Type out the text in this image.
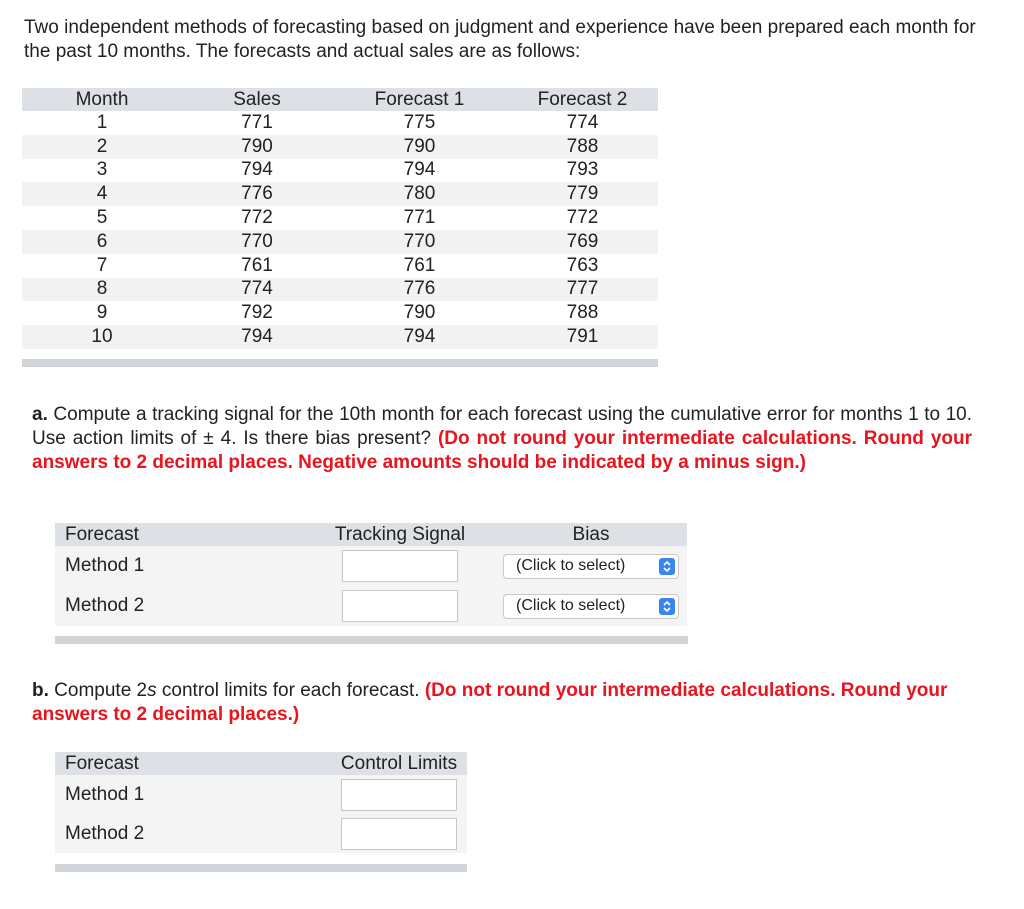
Two independent methods of forecasting based on judgment and experience have been prepared each month for the past 10 months. The forecasts and actual sales are as follows:
Month	Sales	Forecast 1	Forecast 2
1	771	775	774
2	790	790	788
3	794	794	793
4	776	780	779
5	772	771	772
6	770	770	769
7	761	761	763
8	774	776	777
9	792	790	788
10	794	794	791
a. Compute a tracking signal for the 10th month for each forecast using the cumulative error for months 1 to 10. Use action limits of ± 4. Is there bias present? (Do not round your intermediate calculations. Round your answers to 2 decimal places. Negative amounts should be indicated by a minus sign.)
Forecast	Tracking Signal	Bias
Method 1		(Click to select)

Method 2		(Click to select)
b. Compute 2s control limits for each forecast. (Do not round your intermediate calculations. Round your answers to 2 decimal places.)
Forecast	Control Limits
Method 1	
Method 2	
